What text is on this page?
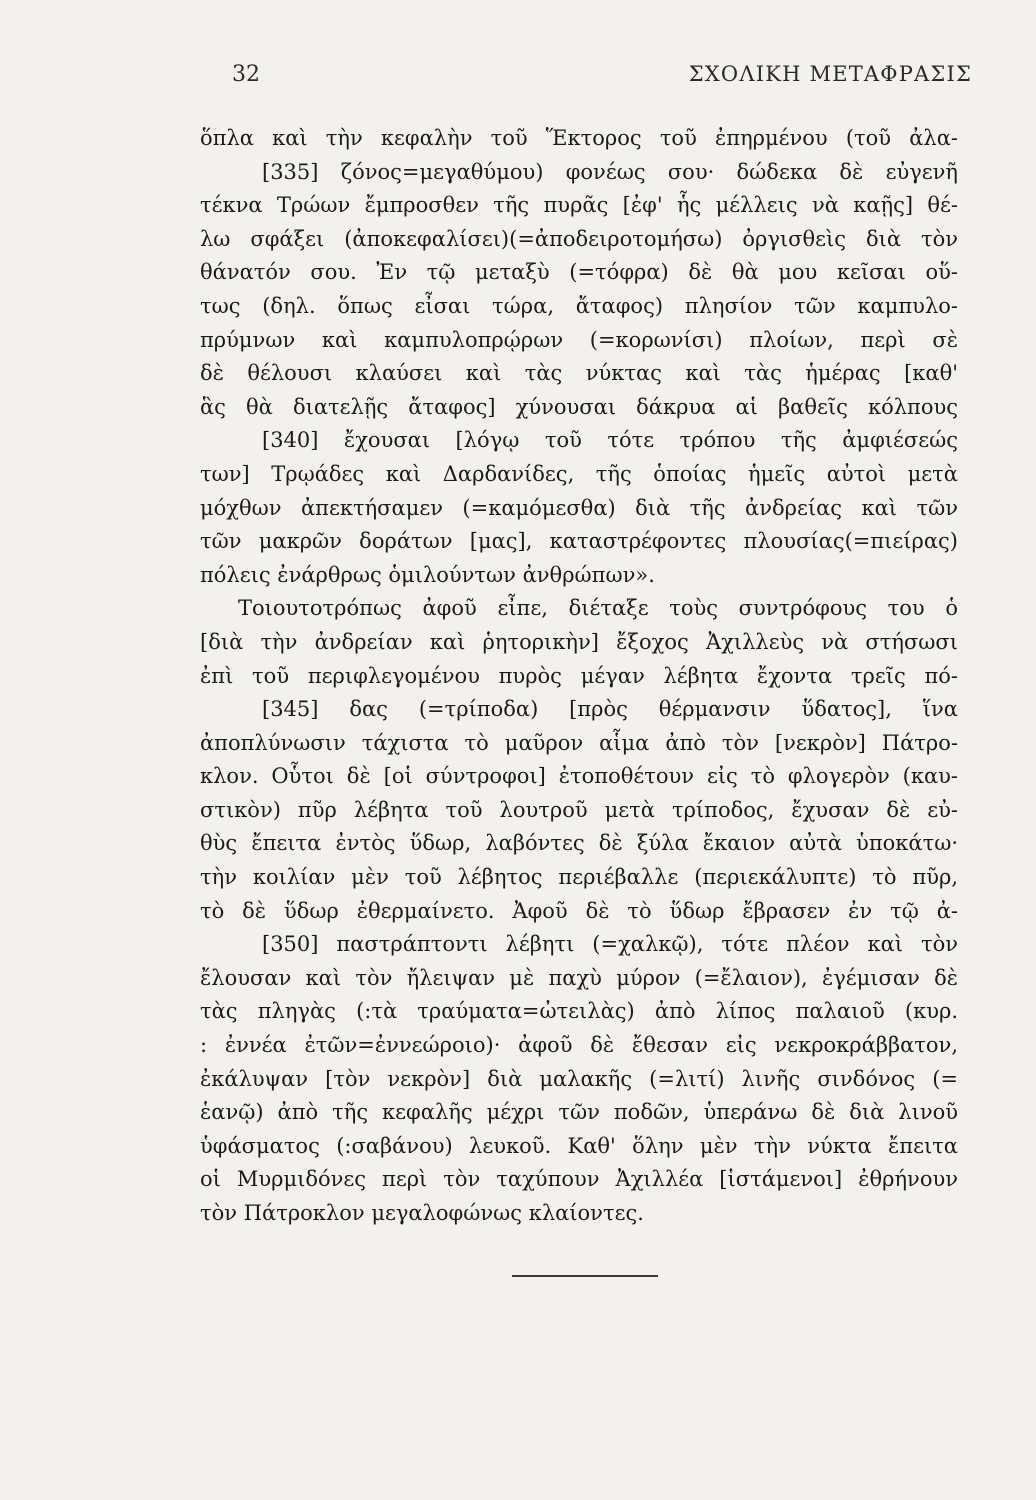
32	ΣΧΟΛΙΚΗ ΜΕΤΑΦΡΑΣΙΣ
ὅπλα καὶ τὴν κεφαλὴν τοῦ Ἕκτορος τοῦ ἐπηρμένου (τοῦ ἀλα-
[335] ζόνος=μεγαθύμου) φονέως σου· δώδεκα δὲ εὐγενῆ
τέκνα Τρώων ἔμπροσθεν τῆς πυρᾶς [ἐφ' ἧς μέλλεις νὰ καῇς] θέ-
λω σφάξει (ἀποκεφαλίσει)(=ἀποδειροτομήσω) ὀργισθεὶς διὰ τὸν
θάνατόν σου. Ἐν τῷ μεταξὺ (=τόφρα) δὲ θὰ μου κεῖσαι οὕ-
τως (δηλ. ὅπως εἶσαι τώρα, ἄταφος) πλησίον τῶν καμπυλο-
πρύμνων καὶ καμπυλοπρῴρων (=κορωνίσι) πλοίων, περὶ σὲ
δὲ θέλουσι κλαύσει καὶ τὰς νύκτας καὶ τὰς ἡμέρας [καθ'
ἃς θὰ διατελῇς ἄταφος] χύνουσαι δάκρυα αἱ βαθεῖς κόλπους
[340] ἔχουσαι [λόγῳ τοῦ τότε τρόπου τῆς ἀμφιέσεώς
των] Τρῳάδες καὶ Δαρδανίδες, τῆς ὁποίας ἡμεῖς αὐτοὶ μετὰ
μόχθων ἀπεκτήσαμεν (=καμόμεσθα) διὰ τῆς ἀνδρείας καὶ τῶν
τῶν μακρῶν δοράτων [μας], καταστρέφοντες πλουσίας(=πιείρας)
πόλεις ἐνάρθρως ὁμιλούντων ἀνθρώπων».
Τοιουτοτρόπως ἀφοῦ εἶπε, διέταξε τοὺς συντρόφους του ὁ
[διὰ τὴν ἀνδρείαν καὶ ῥητορικὴν] ἔξοχος Ἀχιλλεὺς νὰ στήσωσι
ἐπὶ τοῦ περιφλεγομένου πυρὸς μέγαν λέβητα ἔχοντα τρεῖς πό-
[345] δας (=τρίποδα) [πρὸς θέρμανσιν ὕδατος], ἵνα
ἀποπλύνωσιν τάχιστα τὸ μαῦρον αἷμα ἀπὸ τὸν [νεκρὸν] Πάτρο-
κλον. Οὗτοι δὲ [οἱ σύντροφοι] ἐτοποθέτουν εἰς τὸ φλογερὸν (καυ-
στικὸν) πῦρ λέβητα τοῦ λουτροῦ μετὰ τρίποδος, ἔχυσαν δὲ εὐ-
θὺς ἔπειτα ἐντὸς ὕδωρ, λαβόντες δὲ ξύλα ἔκαιον αὐτὰ ὑποκάτω·
τὴν κοιλίαν μὲν τοῦ λέβητος περιέβαλλε (περιεκάλυπτε) τὸ πῦρ,
τὸ δὲ ὕδωρ ἐθερμαίνετο. Ἀφοῦ δὲ τὸ ὕδωρ ἔβρασεν ἐν τῷ ἀ-
[350] παστράπτοντι λέβητι (=χαλκῷ), τότε πλέον καὶ τὸν
ἔλουσαν καὶ τὸν ἤλειψαν μὲ παχὺ μύρον (=ἔλαιον), ἐγέμισαν δὲ
τὰς πληγὰς (:τὰ τραύματα=ὠτειλὰς) ἀπὸ λίπος παλαιοῦ (κυρ.
: ἐννέα ἐτῶν=ἐννεώροιο)· ἀφοῦ δὲ ἔθεσαν εἰς νεκροκράββατον,
ἐκάλυψαν [τὸν νεκρὸν] διὰ μαλακῆς (=λιτί) λινῆς σινδόνος (=
ἑανῷ) ἀπὸ τῆς κεφαλῆς μέχρι τῶν ποδῶν, ὑπεράνω δὲ διὰ λινοῦ
ὑφάσματος (:σαβάνου) λευκοῦ. Καθ' ὅλην μὲν τὴν νύκτα ἔπειτα
οἱ Μυρμιδόνες περὶ τὸν ταχύπουν Ἀχιλλέα [ἱστάμενοι] ἐθρήνουν
τὸν Πάτροκλον μεγαλοφώνως κλαίοντες.
